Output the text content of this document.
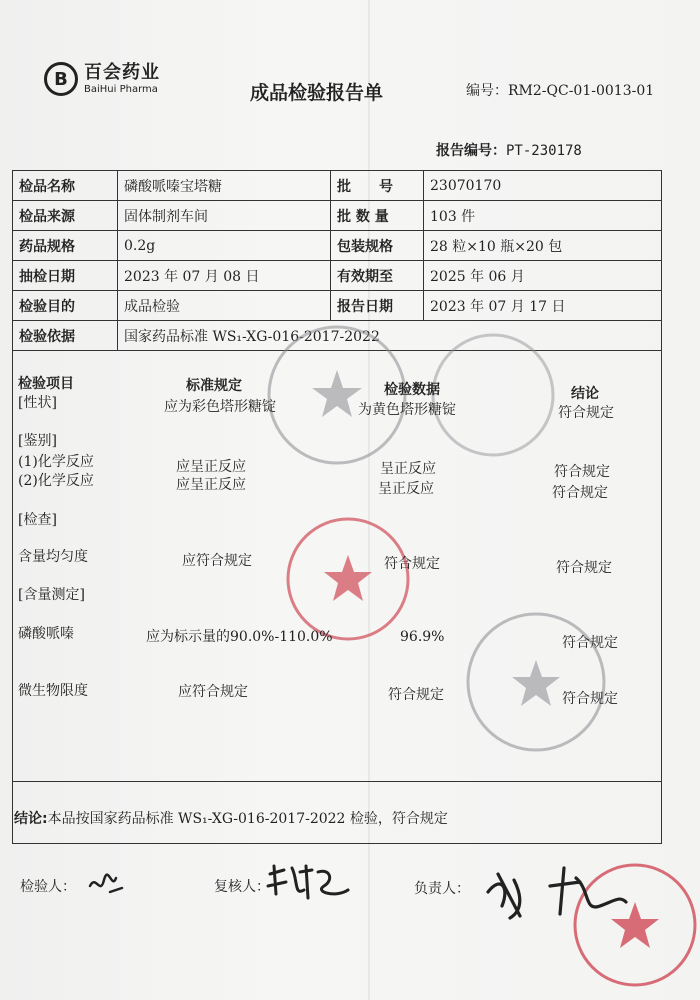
B 百会药业
BaiHui Pharma	成品检验报告单	编号：RM2-QC-01-0013-01
报告编号：PT-230178
检品名称	磷酸哌嗪宝塔糖	批　　号	23070170
检品来源	固体制剂车间	批 数 量	103 件
药品规格	0.2g	包装规格	28 粒×10 瓶×20 包
抽检日期	2023 年 07 月 08 日	有效期至	2025 年 06 月
检验目的	成品检验	报告日期	2023 年 07 月 17 日
检验依据	国家药品标准 WS₁-XG-016-2017-2022		
检验项目	标准规定	检验数据	结论
[性状]	应为彩色塔形糖锭	为黄色塔形糖锭	符合规定
[鉴别]
(1)化学反应	应呈正反应	呈正反应	符合规定
(2)化学反应	应呈正反应	呈正反应	符合规定
[检查]
含量均匀度	应符合规定	符合规定	符合规定
[含量测定]
磷酸哌嗪	应为标示量的90.0%-110.0%	96.9%	符合规定
微生物限度	应符合规定	符合规定	符合规定
结论:本品按国家药品标准 WS₁-XG-016-2017-2022 检验，符合规定
检验人：	复核人：	负责人：
